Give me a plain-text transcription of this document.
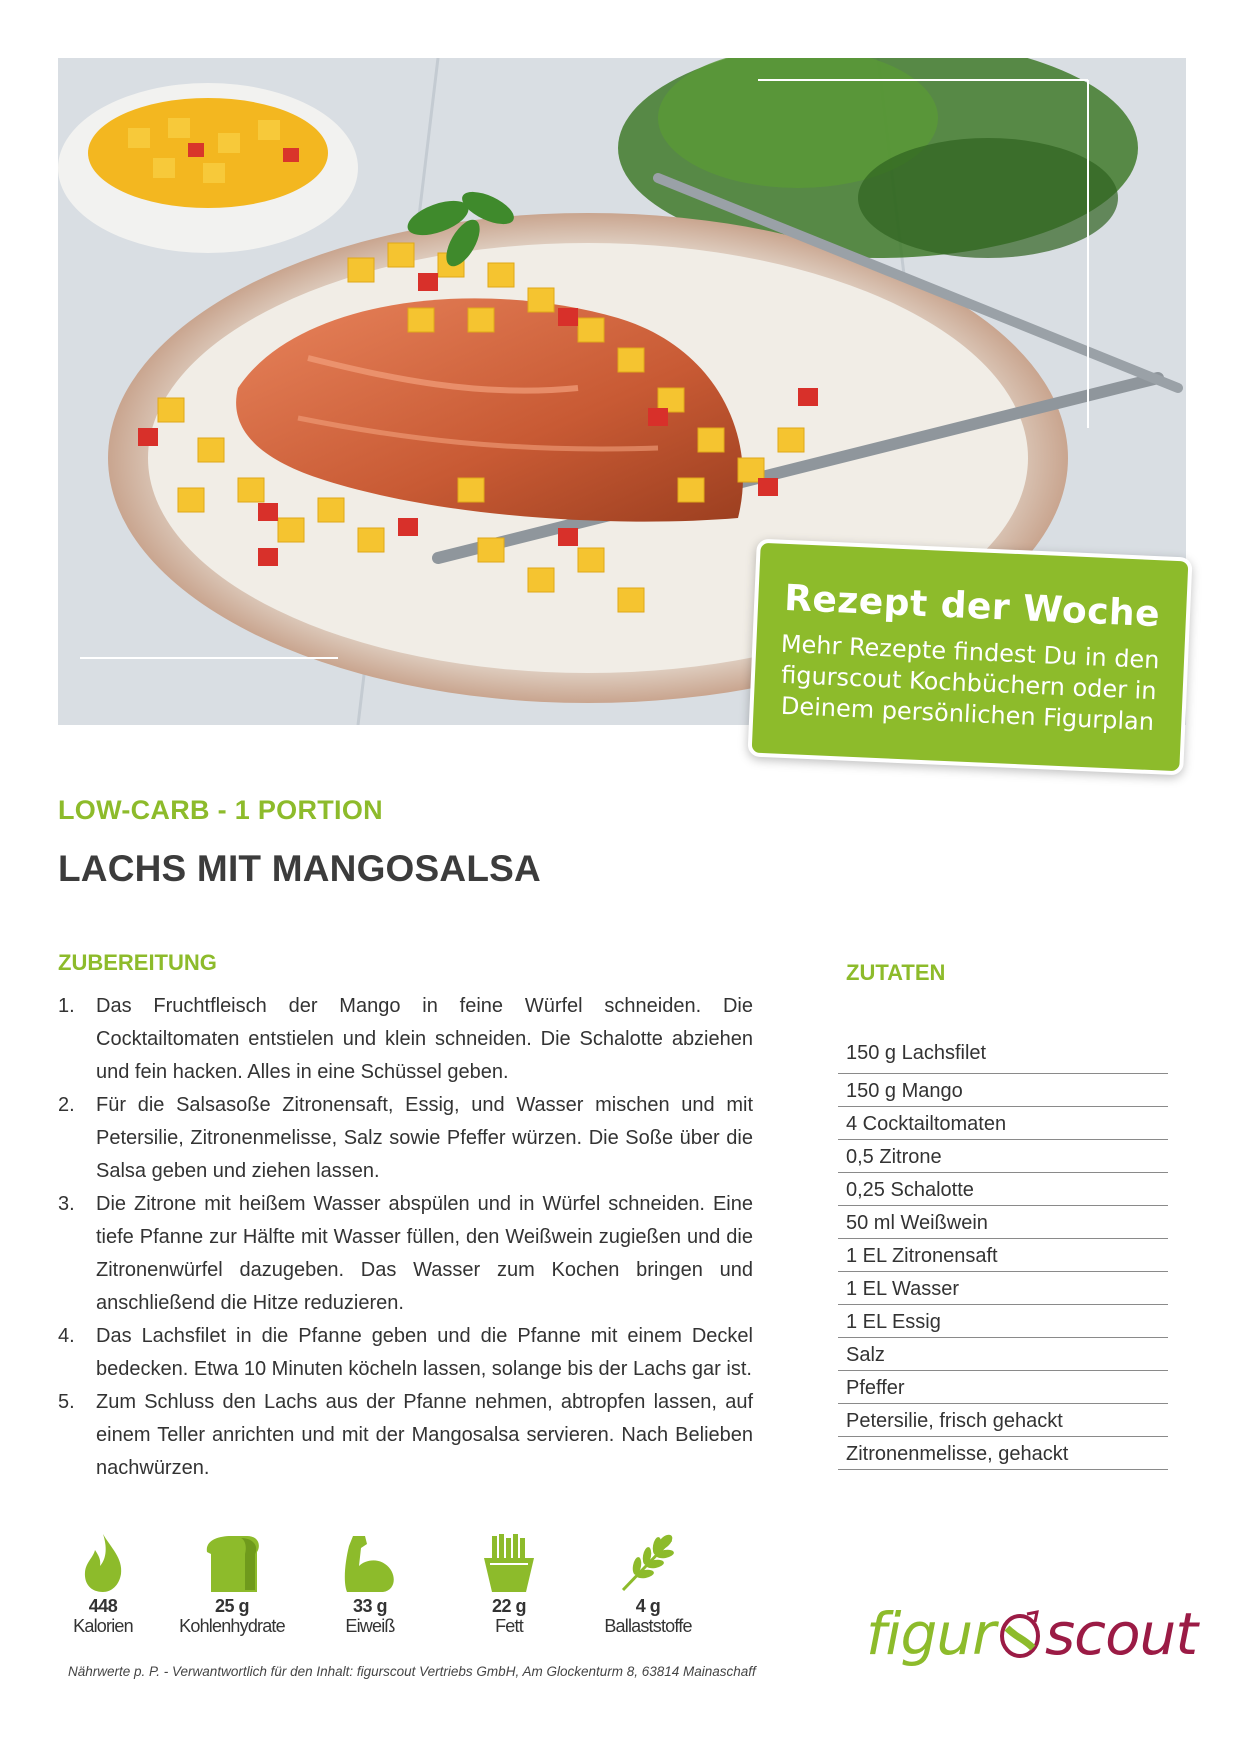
Rezept der Woche
Mehr Rezepte findest Du in den figurscout Kochbüchern oder in Deinem persönlichen Figurplan
LOW-CARB - 1 PORTION
LACHS MIT MANGOSALSA
ZUBEREITUNG
1. Das Fruchtfleisch der Mango in feine Würfel schneiden. Die Cocktailtomaten entstielen und klein schneiden. Die Schalotte abziehen und fein hacken. Alles in eine Schüssel geben.
2. Für die Salsasoße Zitronensaft, Essig, und Wasser mischen und mit Petersilie, Zitronenmelisse, Salz sowie Pfeffer würzen. Die Soße über die Salsa geben und ziehen lassen.
3. Die Zitrone mit heißem Wasser abspülen und in Würfel schneiden. Eine tiefe Pfanne zur Hälfte mit Wasser füllen, den Weißwein zugießen und die Zitronenwürfel dazugeben. Das Wasser zum Kochen bringen und anschließend die Hitze reduzieren.
4. Das Lachsfilet in die Pfanne geben und die Pfanne mit einem Deckel bedecken. Etwa 10 Minuten köcheln lassen, solange bis der Lachs gar ist.
5. Zum Schluss den Lachs aus der Pfanne nehmen, abtropfen lassen, auf einem Teller anrichten und mit der Mangosalsa servieren. Nach Belieben nachwürzen.
ZUTATEN
150 g Lachsfilet
150 g Mango
4 Cocktailtomaten
0,5 Zitrone
0,25 Schalotte
50 ml Weißwein
1 EL Zitronensaft
1 EL Wasser
1 EL Essig
Salz
Pfeffer
Petersilie, frisch gehackt
Zitronenmelisse, gehackt
448
Kalorien
25 g
Kohlenhydrate
33 g
Eiweiß
22 g
Fett
4 g
Ballaststoffe	figur scout
Nährwerte p. P. - Verwantwortlich für den Inhalt: figurscout Vertriebs GmbH, Am Glockenturm 8, 63814 Mainaschaff
